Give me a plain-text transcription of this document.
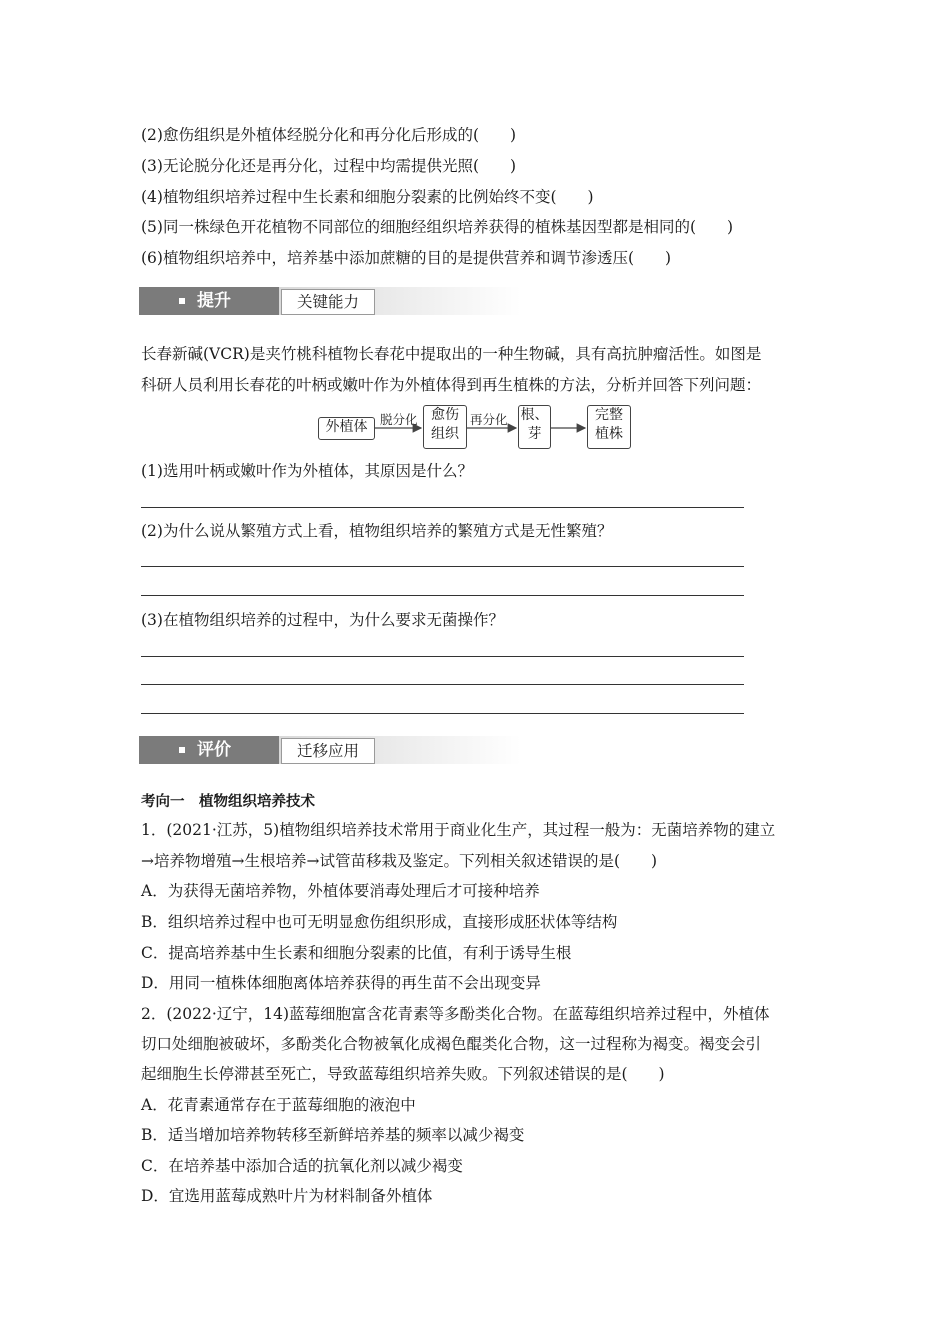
(2)愈伤组织是外植体经脱分化和再分化后形成的(　　)
(3)无论脱分化还是再分化，过程中均需提供光照(　　)
(4)植物组织培养过程中生长素和细胞分裂素的比例始终不变(　　)
(5)同一株绿色开花植物不同部位的细胞经组织培养获得的植株基因型都是相同的(　　)
(6)植物组织培养中，培养基中添加蔗糖的目的是提供营养和调节渗透压(　　)
提升	关键能力
长春新碱(VCR)是夹竹桃科植物长春花中提取出的一种生物碱，具有高抗肿瘤活性。如图是
科研人员利用长春花的叶柄或嫩叶作为外植体得到再生植株的方法，分析并回答下列问题：
外植体	脱分化 愈伤
组织
再分化 根、
芽
完整
植株
(1)选用叶柄或嫩叶作为外植体，其原因是什么？
(2)为什么说从繁殖方式上看，植物组织培养的繁殖方式是无性繁殖？
(3)在植物组织培养的过程中，为什么要求无菌操作？
评价	迁移应用
考向一　植物组织培养技术
1．(2021·江苏，5)植物组织培养技术常用于商业化生产，其过程一般为：无菌培养物的建立
→培养物增殖→生根培养→试管苗移栽及鉴定。下列相关叙述错误的是(　　)
A．为获得无菌培养物，外植体要消毒处理后才可接种培养
B．组织培养过程中也可无明显愈伤组织形成，直接形成胚状体等结构
C．提高培养基中生长素和细胞分裂素的比值，有利于诱导生根
D．用同一植株体细胞离体培养获得的再生苗不会出现变异
2．(2022·辽宁，14)蓝莓细胞富含花青素等多酚类化合物。在蓝莓组织培养过程中，外植体
切口处细胞被破坏，多酚类化合物被氧化成褐色醌类化合物，这一过程称为褐变。褐变会引
起细胞生长停滞甚至死亡，导致蓝莓组织培养失败。下列叙述错误的是(　　)
A．花青素通常存在于蓝莓细胞的液泡中
B．适当增加培养物转移至新鲜培养基的频率以减少褐变
C．在培养基中添加合适的抗氧化剂以减少褐变
D．宜选用蓝莓成熟叶片为材料制备外植体
